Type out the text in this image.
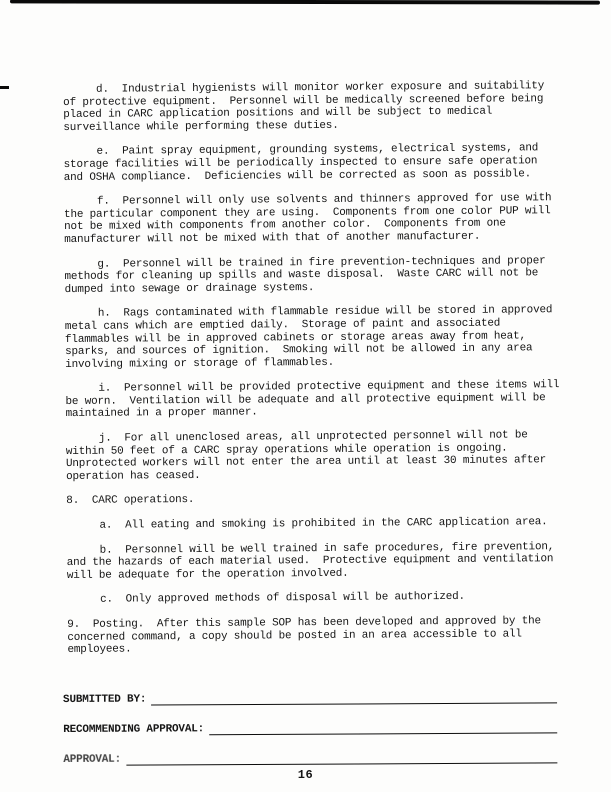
d.  Industrial hygienists will monitor worker exposure and suitability of protective equipment.  Personnel will be medically screened before being placed in CARC application positions and will be subject to medical surveillance while performing these duties.

e.  Paint spray equipment, grounding systems, electrical systems, and storage facilities will be periodically inspected to ensure safe operation and OSHA compliance.  Deficiencies will be corrected as soon as possible.

f.  Personnel will only use solvents and thinners approved for use with the particular component they are using.  Components from one color PUP will not be mixed with components from another color.  Components from one manufacturer will not be mixed with that of another manufacturer.

g.  Personnel will be trained in fire prevention-techniques and proper methods for cleaning up spills and waste disposal.  Waste CARC will not be dumped into sewage or drainage systems.

h.  Rags contaminated with flammable residue will be stored in approved metal cans which are emptied daily.  Storage of paint and associated flammables will be in approved cabinets or storage areas away from heat, sparks, and sources of ignition.  Smoking will not be allowed in any area involving mixing or storage of flammables.

i.  Personnel will be provided protective equipment and these items will be worn.  Ventilation will be adequate and all protective equipment will be maintained in a proper manner.

j.  For all unenclosed areas, all unprotected personnel will not be within 50 feet of a CARC spray operations while operation is ongoing.  Unprotected workers will not enter the area until at least 30 minutes after operation has ceased.

8.  CARC operations.

a.  All eating and smoking is prohibited in the CARC application area.

b.  Personnel will be well trained in safe procedures, fire prevention, and the hazards of each material used.  Protective equipment and ventilation will be adequate for the operation involved.

c.  Only approved methods of disposal will be authorized.

9.  Posting.  After this sample SOP has been developed and approved by the concerned command, a copy should be posted in an area accessible to all employees.

SUBMITTED BY:
RECOMMENDING APPROVAL:
APPROVAL:
16
